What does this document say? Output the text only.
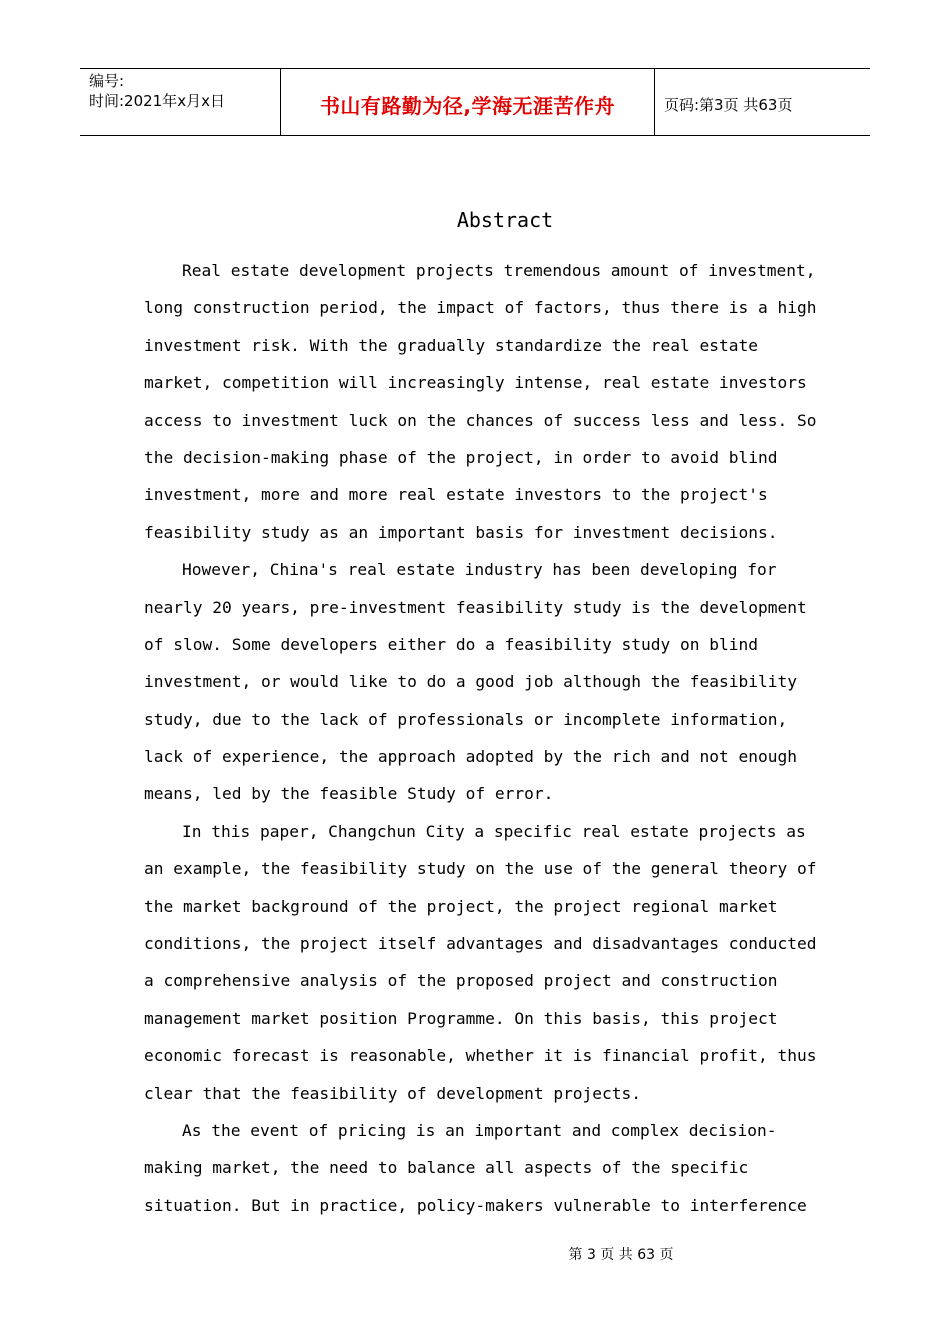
编号:
时间:2021年x月x日	书山有路勤为径,学海无涯苦作舟	页码:第3页 共63页
Abstract
Real estate development projects tremendous amount of investment,
long construction period, the impact of factors, thus there is a high
investment risk. With the gradually standardize the real estate
market, competition will increasingly intense, real estate investors
access to investment luck on the chances of success less and less. So
the decision-making phase of the project, in order to avoid blind
investment, more and more real estate investors to the project's
feasibility study as an important basis for investment decisions.
However, China's real estate industry has been developing for
nearly 20 years, pre-investment feasibility study is the development
of slow. Some developers either do a feasibility study on blind
investment, or would like to do a good job although the feasibility
study, due to the lack of professionals or incomplete information,
lack of experience, the approach adopted by the rich and not enough
means, led by the feasible Study of error.
In this paper, Changchun City a specific real estate projects as
an example, the feasibility study on the use of the general theory of
the market background of the project, the project regional market
conditions, the project itself advantages and disadvantages conducted
a comprehensive analysis of the proposed project and construction
management market position Programme. On this basis, this project
economic forecast is reasonable, whether it is financial profit, thus
clear that the feasibility of development projects.
As the event of pricing is an important and complex decision-
making market, the need to balance all aspects of the specific
situation. But in practice, policy-makers vulnerable to interference
第 3 页 共 63 页
